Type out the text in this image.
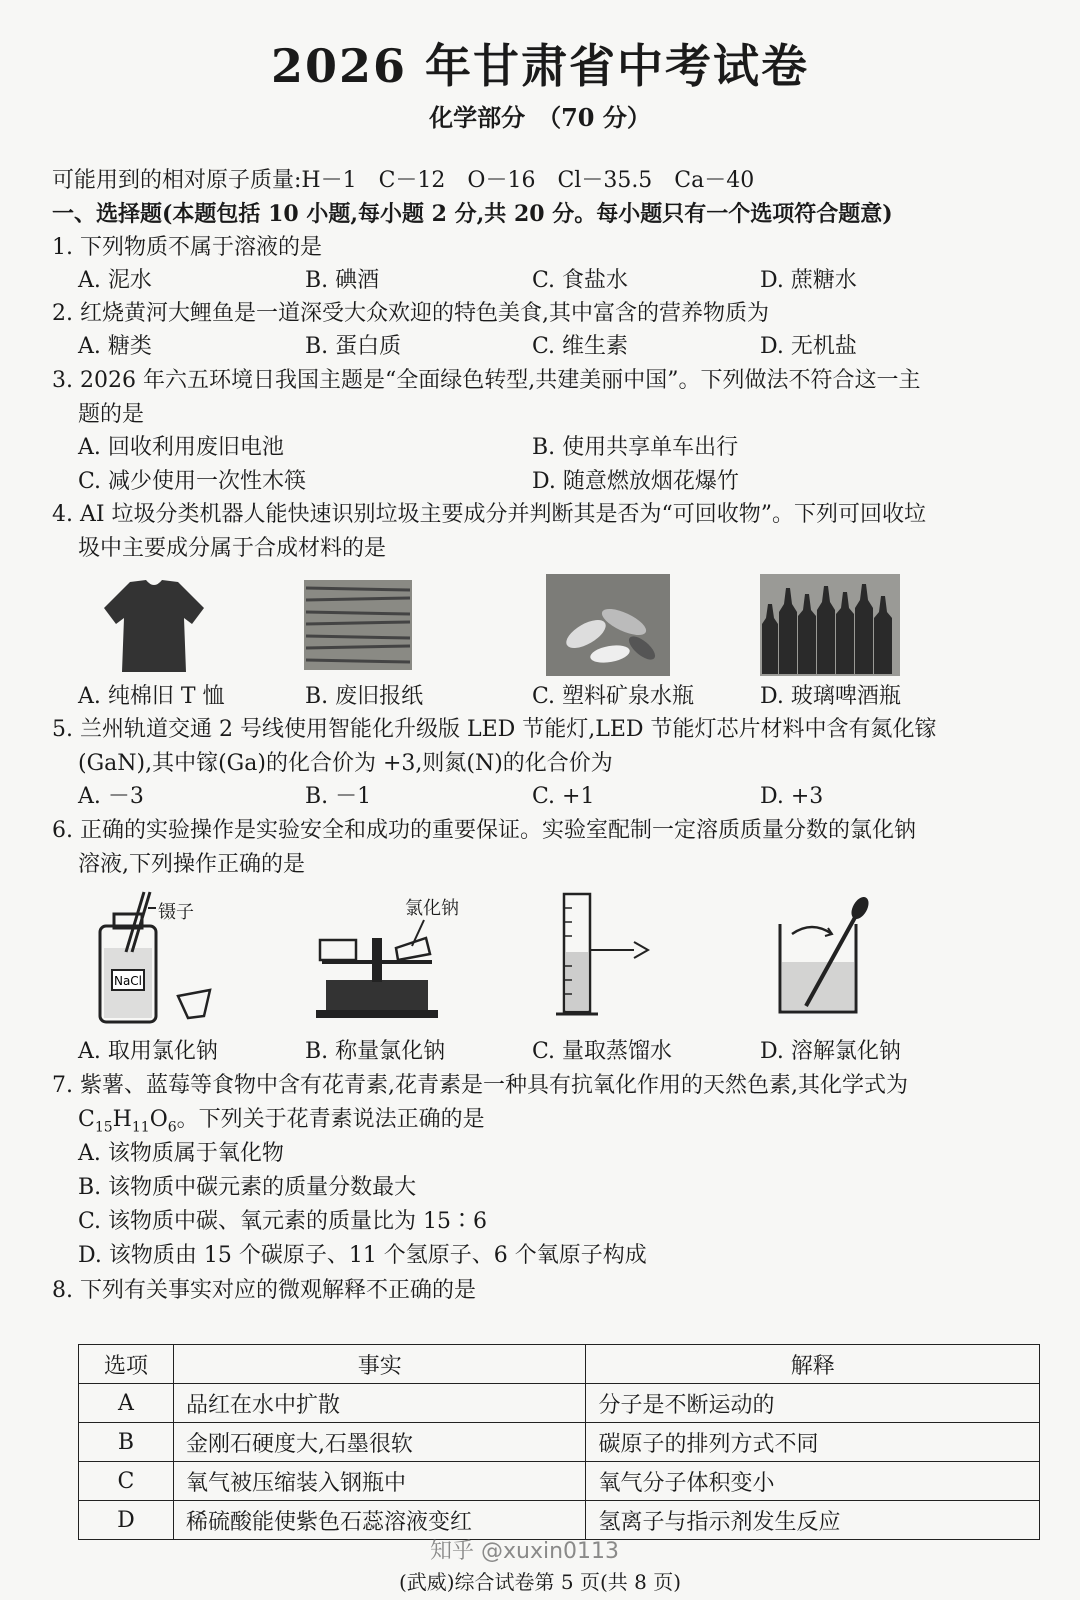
2026 年甘肃省中考试卷
化学部分　（70 分）
可能用到的相对原子质量:H－1　C－12　O－16　Cl－35.5　Ca－40
一、选择题(本题包括 10 小题,每小题 2 分,共 20 分。每小题只有一个选项符合题意)
1. 下列物质不属于溶液的是
A. 泥水	B. 碘酒	C. 食盐水	D. 蔗糖水
2. 红烧黄河大鲤鱼是一道深受大众欢迎的特色美食,其中富含的营养物质为
A. 糖类	B. 蛋白质	C. 维生素	D. 无机盐
3. 2026 年六五环境日我国主题是“全面绿色转型,共建美丽中国”。下列做法不符合这一主
题的是
A. 回收利用废旧电池	B. 使用共享单车出行
C. 减少使用一次性木筷	D. 随意燃放烟花爆竹
4. AI 垃圾分类机器人能快速识别垃圾主要成分并判断其是否为“可回收物”。下列可回收垃
圾中主要成分属于合成材料的是
A. 纯棉旧 T 恤	B. 废旧报纸	C. 塑料矿泉水瓶	D. 玻璃啤酒瓶
5. 兰州轨道交通 2 号线使用智能化升级版 LED 节能灯,LED 节能灯芯片材料中含有氮化镓
(GaN),其中镓(Ga)的化合价为 +3,则氮(N)的化合价为
A. －3	B. －1	C. +1	D. +3
6. 正确的实验操作是实验安全和成功的重要保证。实验室配制一定溶质质量分数的氯化钠
溶液,下列操作正确的是
NaCl
镊子	氯化钠
A. 取用氯化钠	B. 称量氯化钠	C. 量取蒸馏水	D. 溶解氯化钠
7. 紫薯、蓝莓等食物中含有花青素,花青素是一种具有抗氧化作用的天然色素,其化学式为
$C_{15}H_{11}O_6$。下列关于花青素说法正确的是
A. 该物质属于氧化物
B. 该物质中碳元素的质量分数最大
C. 该物质中碳、氧元素的质量比为 15∶6
D. 该物质由 15 个碳原子、11 个氢原子、6 个氧原子构成
8. 下列有关事实对应的微观解释不正确的是
选项	事实	解释
A	品红在水中扩散	分子是不断运动的
B	金刚石硬度大,石墨很软	碳原子的排列方式不同
C	氧气被压缩装入钢瓶中	氧气分子体积变小
D	稀硫酸能使紫色石蕊溶液变红	氢离子与指示剂发生反应
知乎 @xuxin0113
(武威)综合试卷第 5 页(共 8 页)
